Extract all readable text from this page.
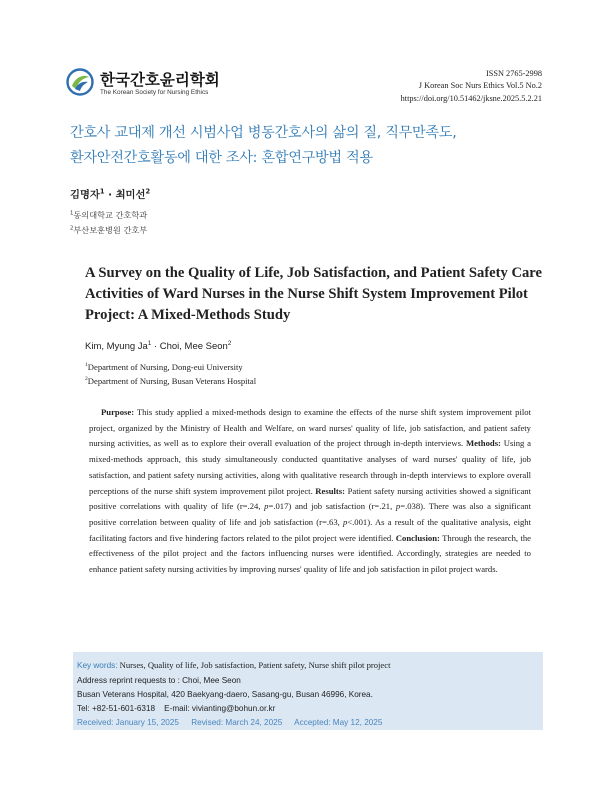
한국간호윤리학회
The Korean Society for Nursing Ethics
ISSN 2765-2998
J Korean Soc Nurs Ethics Vol.5 No.2
https://doi.org/10.51462/jksne.2025.5.2.21
간호사 교대제 개선 시범사업 병동간호사의 삶의 질, 직무만족도,
환자안전간호활동에 대한 조사: 혼합연구방법 적용
김명자$^1$ · 최미선$^2$
$^1$동의대학교 간호학과
$^2$부산보훈병원 간호부
A Survey on the Quality of Life, Job Satisfaction, and Patient Safety Care
Activities of Ward Nurses in the Nurse Shift System Improvement Pilot
Project: A Mixed-Methods Study
Kim, Myung $Ja^1$ · Choi, Mee Seon$^2$
$^1$Department of Nursing, Dong-eui University
$^2$Department of Nursing, Busan Veterans Hospital
Purpose: This study applied a mixed-methods design to examine the effects of the nurse shift system improvement pilot project, organized by the Ministry of Health and Welfare, on ward nurses' quality of life, job satisfaction, and patient safety nursing activities, as well as to explore their overall evaluation of the project through in-depth interviews. Methods: Using a mixed-methods approach, this study simultaneously conducted quantitative analyses of ward nurses' quality of life, job satisfaction, and patient safety nursing activities, along with qualitative research through in-depth interviews to explore overall perceptions of the nurse shift system improvement pilot project. Results: Patient safety nursing activities showed a significant positive correlations with quality of life (r=.24, p=.017) and job satisfaction (r=.21, p=.038). There was also a significant positive correlation between quality of life and job satisfaction (r=.63, p<.001). As a result of the qualitative analysis, eight facilitating factors and five hindering factors related to the pilot project were identified. Conclusion: Through the research, the effectiveness of the pilot project and the factors influencing nurses were identified. Accordingly, strategies are needed to enhance patient safety nursing activities by improving nurses' quality of life and job satisfaction in pilot project wards.
Key words: Nurses, Quality of life, Job satisfaction, Patient safety, Nurse shift pilot project
Address reprint requests to : Choi, Mee Seon
Busan Veterans Hospital, 420 Baekyang-daero, Sasang-gu, Busan 46996, Korea.
Tel: +82-51-601-6318    E-mail: vivianting@bohun.or.kr
Received: January 15, 2025 Revised: March 24, 2025 Accepted: May 12, 2025
